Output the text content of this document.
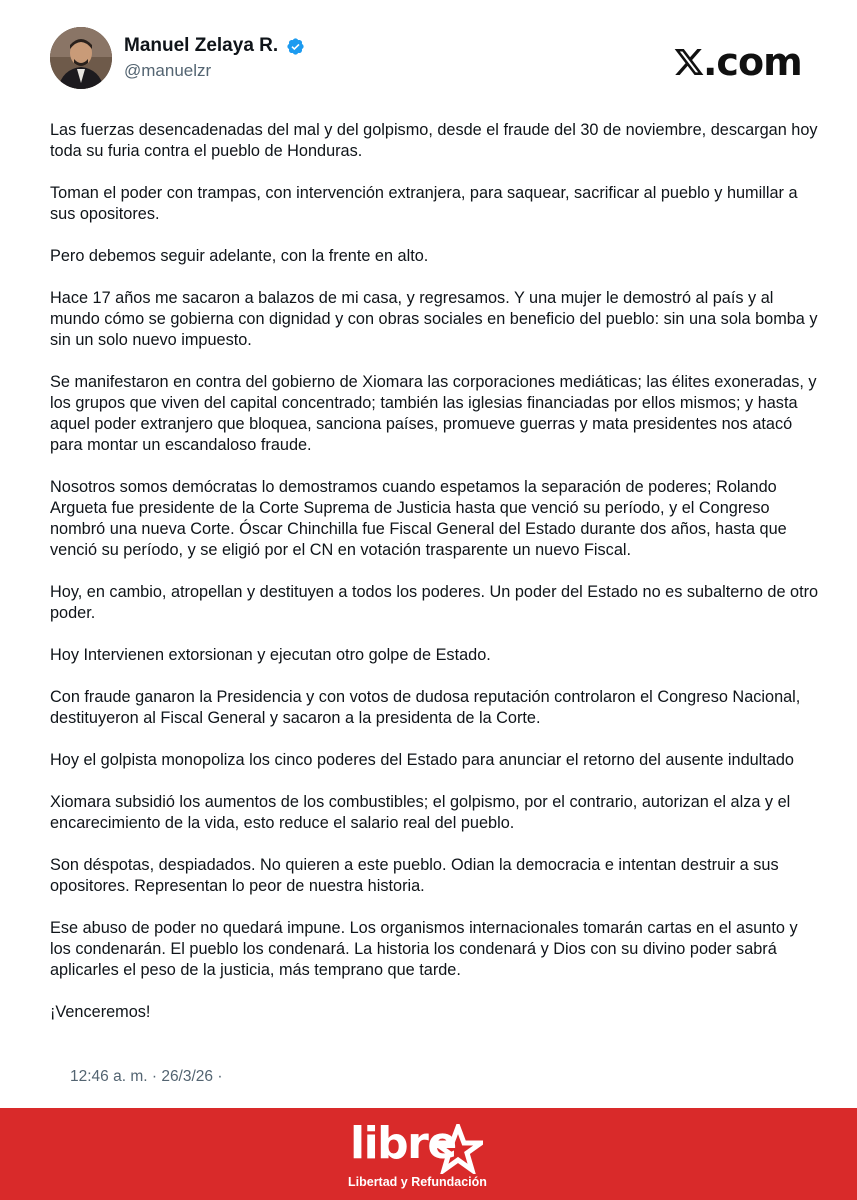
Manuel Zelaya R.
@manuelzr	.com

Las fuerzas desencadenadas del mal y del golpismo, desde el fraude del 30 de noviembre, descargan hoy toda su furia contra el pueblo de Honduras.

Toman el poder con trampas, con intervención extranjera, para saquear, sacrificar al pueblo y humillar a sus opositores.

Pero debemos seguir adelante, con la frente en alto.

Hace 17 años me sacaron a balazos de mi casa, y regresamos. Y una mujer le demostró al país y al mundo cómo se gobierna con dignidad y con obras sociales en beneficio del pueblo: sin una sola bomba y sin un solo nuevo impuesto.

Se manifestaron en contra del gobierno de Xiomara las corporaciones mediáticas; las élites exoneradas, y los grupos que viven del capital concentrado; también las iglesias financiadas por ellos mismos; y hasta aquel poder extranjero que bloquea, sanciona países, promueve guerras y mata presidentes nos atacó para montar un escandaloso fraude.

Nosotros somos demócratas lo demostramos cuando espetamos la separación de poderes; Rolando Argueta fue presidente de la Corte Suprema de Justicia hasta que venció su período, y el Congreso nombró una nueva Corte. Óscar Chinchilla fue Fiscal General del Estado durante dos años, hasta que venció su período, y se eligió por el CN en votación trasparente un nuevo Fiscal.

Hoy, en cambio, atropellan y destituyen a todos los poderes. Un poder del Estado no es subalterno de otro poder.

Hoy Intervienen extorsionan y ejecutan otro golpe de Estado.

Con fraude ganaron la Presidencia y con votos de dudosa reputación controlaron el Congreso Nacional, destituyeron al Fiscal General y sacaron a la presidenta de la Corte.

Hoy el golpista monopoliza los cinco poderes del Estado para anunciar el retorno del ausente indultado

Xiomara subsidió los aumentos de los combustibles; el golpismo, por el contrario, autorizan el alza y el encarecimiento de la vida, esto reduce el salario real del pueblo.

Son déspotas, despiadados. No quieren a este pueblo. Odian la democracia e intentan destruir a sus opositores. Representan lo peor de nuestra historia.

Ese abuso de poder no quedará impune. Los organismos internacionales tomarán cartas en el asunto y los condenarán. El pueblo los condenará. La historia los condenará y Dios con su divino poder sabrá aplicarles el peso de la justicia, más temprano que tarde.

¡Venceremos!

12:46 a. m. · 26/3/26 ·
libre
Libertad y Refundación
